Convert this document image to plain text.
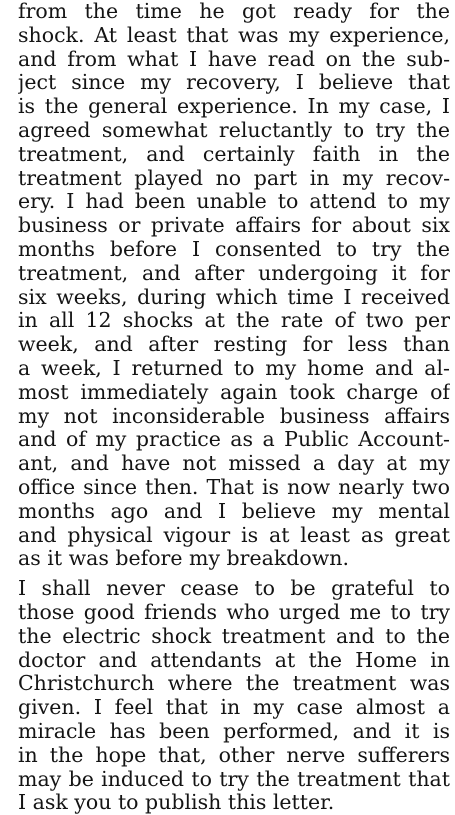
from the time he got ready for the
shock. At least that was my experience,
and from what I have read on the sub-
ject since my recovery, I believe that
is the general experience. In my case, I
agreed somewhat reluctantly to try the
treatment, and certainly faith in the
treatment played no part in my recov-
ery. I had been unable to attend to my
business or private affairs for about six
months before I consented to try the
treatment, and after undergoing it for
six weeks, during which time I received
in all 12 shocks at the rate of two per
week, and after resting for less than
a week, I returned to my home and al-
most immediately again took charge of
my not inconsiderable business affairs
and of my practice as a Public Account-
ant, and have not missed a day at my
office since then. That is now nearly two
months ago and I believe my mental
and physical vigour is at least as great
as it was before my breakdown.
I shall never cease to be grateful to
those good friends who urged me to try
the electric shock treatment and to the
doctor and attendants at the Home in
Christchurch where the treatment was
given. I feel that in my case almost a
miracle has been performed, and it is
in the hope that, other nerve sufferers
may be induced to try the treatment that
I ask you to publish this letter.
